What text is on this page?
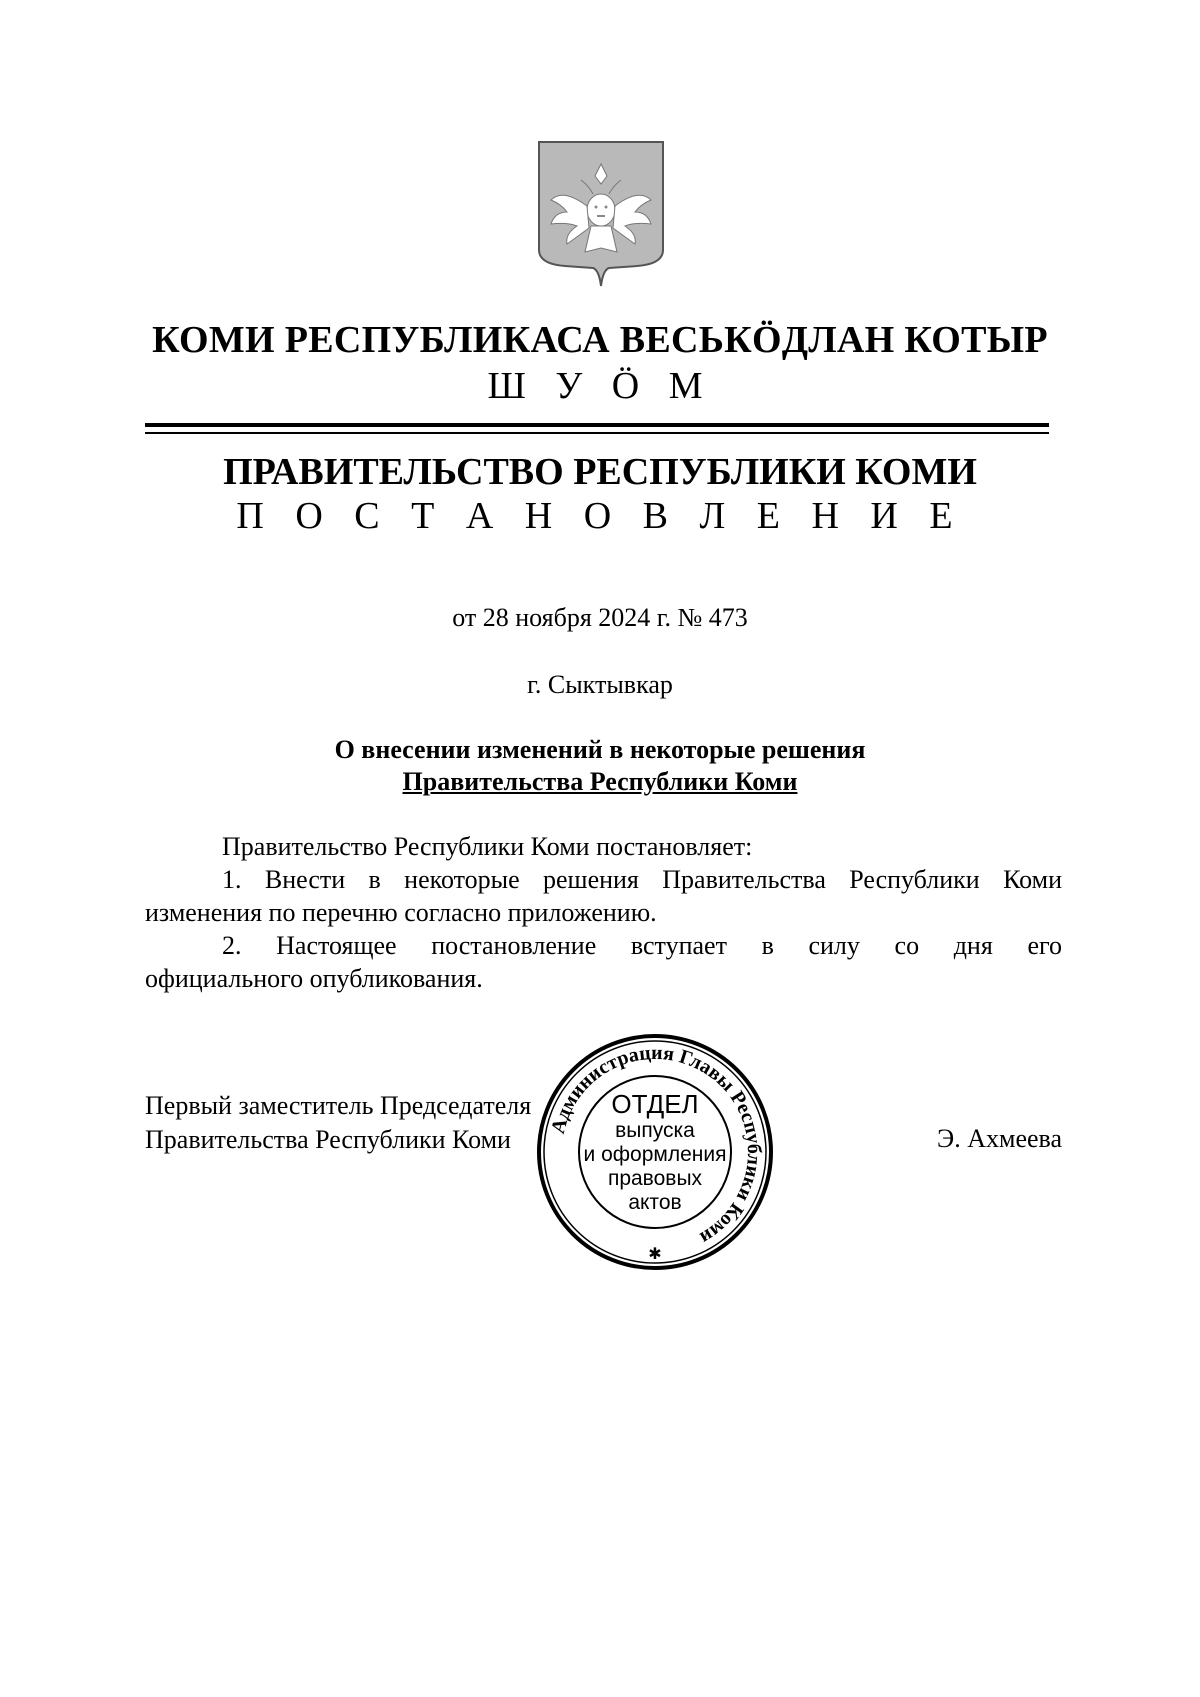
КОМИ РЕСПУБЛИКАСА ВЕСЬКӦДЛАН КОТЫР
Ш У Ӧ М
ПРАВИТЕЛЬСТВО РЕСПУБЛИКИ КОМИ
П О С Т А Н О В Л Е Н И Е
от 28 ноября 2024 г. № 473
г. Сыктывкар
О внесении изменений в некоторые решения
Правительства Республики Коми
Правительство Республики Коми постановляет:
1. Внести в некоторые решения Правительства Республики Коми
изменения по перечню согласно приложению.
2. Настоящее постановление вступает в силу со дня его
официального опубликования.
Первый заместитель Председателя
Правительства Республики Коми	Э. Ахмеева
Администрация Главы Республики Коми
✱
ОТДЕЛ
выпуска
и оформления
правовых
актов
